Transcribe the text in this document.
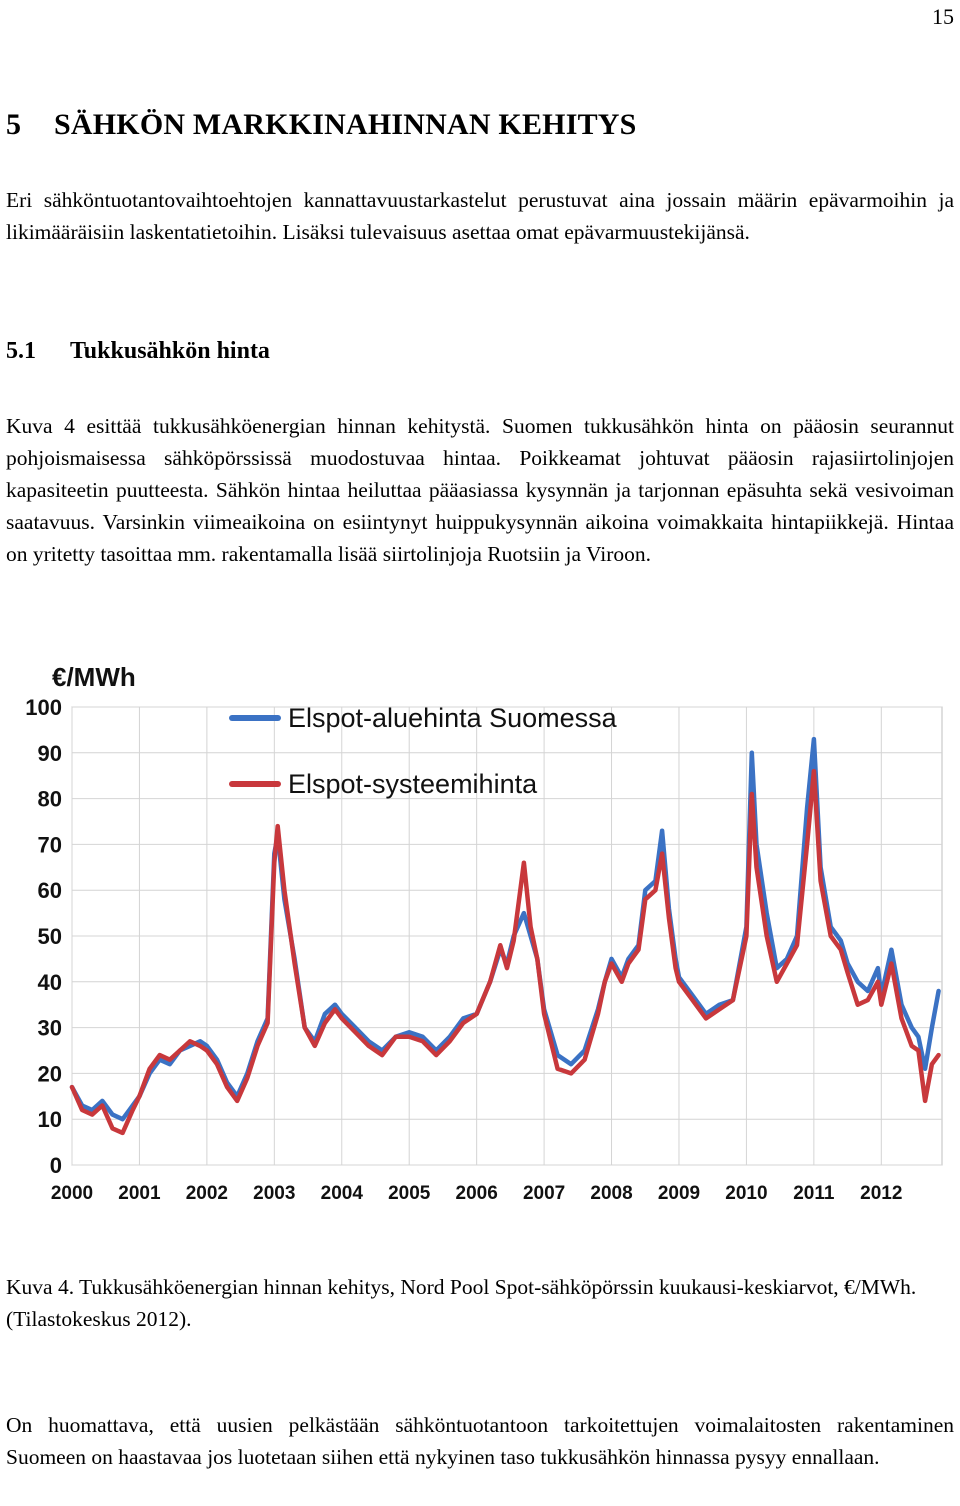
15
5 SÄHKÖN MARKKINAHINNAN KEHITYS

Eri sähköntuotantovaihtoehtojen kannattavuustarkastelut perustuvat aina jossain määrin epävarmoihin ja likimääräisiin laskentatietoihin. Lisäksi tulevaisuus asettaa omat epävarmuustekijänsä.

5.1 Tukkusähkön hinta

Kuva 4 esittää tukkusähköenergian hinnan kehitystä. Suomen tukkusähkön hinta on pääosin seurannut pohjoismaisessa sähköpörssissä muodostuvaa hintaa. Poikkeamat johtuvat pääosin rajasiirtolinjojen kapasiteetin puutteesta. Sähkön hintaa heiluttaa pääasiassa kysynnän ja tarjonnan epäsuhta sekä vesivoiman saatavuus. Varsinkin viimeaikoina on esiintynyt huippukysynnän aikoina voimakkaita hintapiikkejä. Hintaa on yritetty tasoittaa mm. rakentamalla lisää siirtolinjoja Ruotsiin ja Viroon.

0
10
20
30
40
50
60
70
80
90
100
2000 2001 2002 2003 2004 2005 2006 2007 2008 2009 2010 2011 2012
Elspot-aluehinta Suomessa
Elspot-systeemihinta
€/MWh

Kuva 4. Tukkusähköenergian hinnan kehitys, Nord Pool Spot-sähköpörssin kuukausi-keskiarvot, €/MWh. (Tilastokeskus 2012).

On huomattava, että uusien pelkästään sähköntuotantoon tarkoitettujen voimalaitosten rakentaminen Suomeen on haastavaa jos luotetaan siihen että nykyinen taso tukkusähkön hinnassa pysyy ennallaan.
